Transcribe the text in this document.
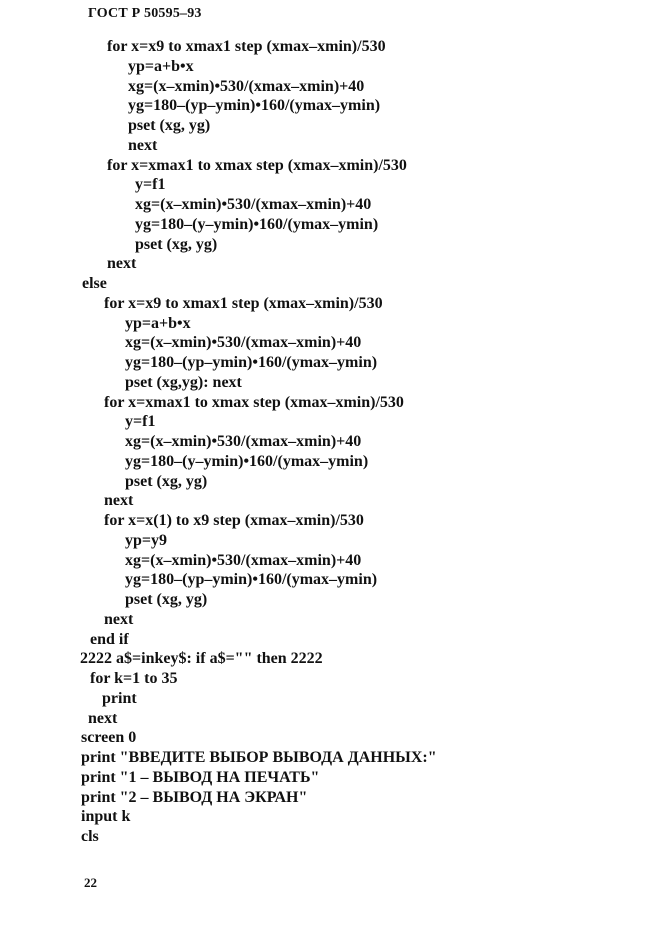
ГОСТ Р 50595–93
for x=x9 to xmax1 step (xmax–xmin)/530
yp=a+b•x
xg=(x–xmin)•530/(xmax–xmin)+40
yg=180–(yp–ymin)•160/(ymax–ymin)
pset (xg, yg)
next
for x=xmax1 to xmax step (xmax–xmin)/530
y=f1
xg=(x–xmin)•530/(xmax–xmin)+40
yg=180–(y–ymin)•160/(ymax–ymin)
pset (xg, yg)
next
else
for x=x9 to xmax1 step (xmax–xmin)/530
yp=a+b•x
xg=(x–xmin)•530/(xmax–xmin)+40
yg=180–(yp–ymin)•160/(ymax–ymin)
pset (xg,yg): next
for x=xmax1 to xmax step (xmax–xmin)/530
y=f1
xg=(x–xmin)•530/(xmax–xmin)+40
yg=180–(y–ymin)•160/(ymax–ymin)
pset (xg, yg)
next
for x=x(1) to x9 step (xmax–xmin)/530
yp=y9
xg=(x–xmin)•530/(xmax–xmin)+40
yg=180–(yp–ymin)•160/(ymax–ymin)
pset (xg, yg)
next
end if
2222 a$=inkey$: if a$="" then 2222
for k=1 to 35
print
next
screen 0
print "ВВЕДИТЕ ВЫБОР ВЫВОДА ДАННЫХ:"
print "1 – ВЫВОД НА ПЕЧАТЬ"
print "2 – ВЫВОД НА ЭКРАН"
input k
cls
22
